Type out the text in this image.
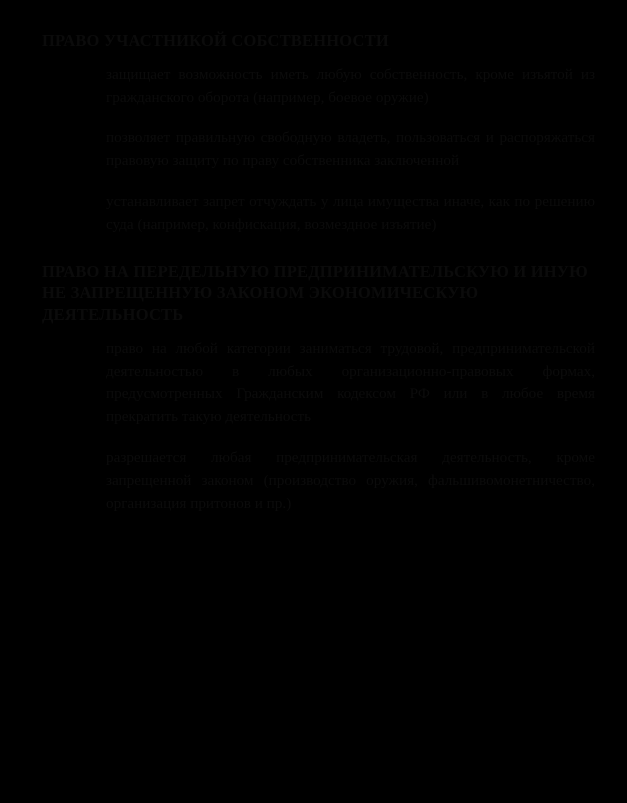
ПРАВО УЧАСТНИКОЙ СОБСТВЕННОСТИ
защищает возможность иметь любую собственность, кроме изъятой из гражданского оборота (например, боевое оружие)
позволяет правильную свободную владеть, пользоваться и распоряжаться правовую защиту по праву собственника заключенной
устанавливает запрет отчуждать у лица имущества иначе, как по решению суда (например, конфискация, возмездное изъятие)
ПРАВО НА ПЕРЕДЕЛЬНУЮ ПРЕДПРИНИМАТЕЛЬСКУЮ И ИНУЮ НЕ ЗАПРЕЩЕННУЮ ЗАКОНОМ ЭКОНОМИЧЕСКУЮ ДЕЯТЕЛЬНОСТЬ
право на любой категории заниматься трудовой, предпринимательской деятельностью в любых организационно-правовых формах, предусмотренных Гражданским кодексом РФ или в любое время прекратить такую деятельность
разрешается любая предпринимательская деятельность, кроме запрещенной законом (производство оружия, фальшивомонетничество, организация притонов и пр.)
